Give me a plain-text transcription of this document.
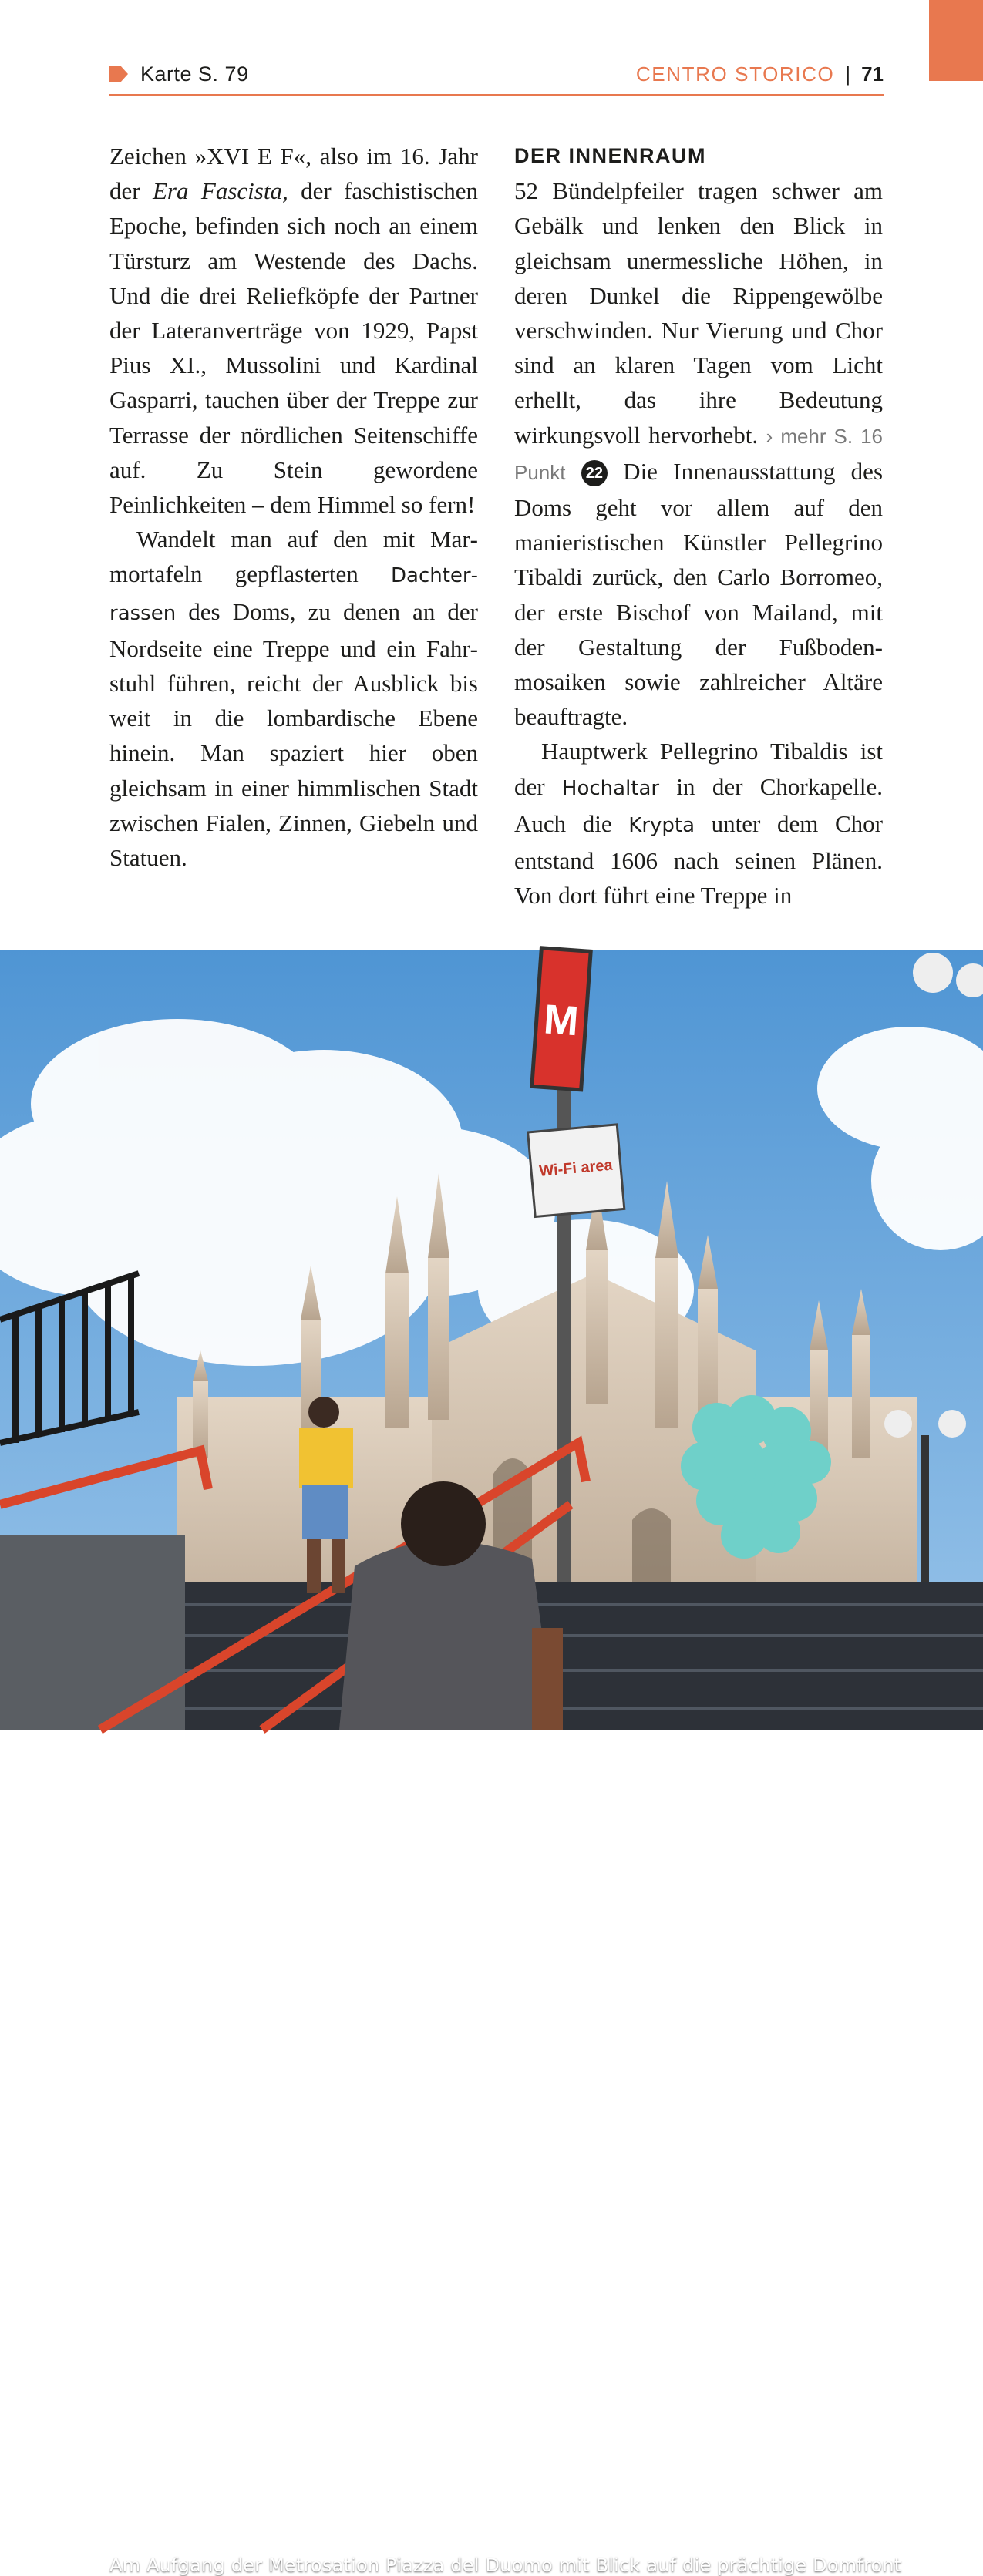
Karte S. 79	CENTRO STORICO | 71

Zeichen »XVI E F«, also im 16. Jahr der Era Fascista, der faschistischen Epoche, befinden sich noch an einem Türsturz am Westende des Dachs. Und die drei Reliefköpfe der Partner der Lateranverträge von 1929, Papst Pius XI., Mussolini und Kardinal Gasparri, tauchen über der Treppe zur Terrasse der nördlichen Seitenschiffe auf. Zu Stein gewordene Peinlichkeiten – dem Himmel so fern!

Wandelt man auf den mit Marmortafeln gepflasterten Dachterrassen des Doms, zu denen an der Nordseite eine Treppe und ein Fahrstuhl führen, reicht der Ausblick bis weit in die lombardische Ebene hinein. Man spaziert hier oben gleichsam in einer himmlischen Stadt zwischen Fialen, Zinnen, Giebeln und Statuen.

DER INNENRAUM

52 Bündelpfeiler tragen schwer am Gebälk und lenken den Blick in gleichsam unermessliche Höhen, in deren Dunkel die Rippengewölbe verschwinden. Nur Vierung und Chor sind an klaren Tagen vom Licht erhellt, das ihre Bedeutung wirkungsvoll hervorhebt. › mehr S. 16 Punkt 22 Die Innenausstattung des Doms geht vor allem auf den manieristischen Künstler Pellegrino Tibaldi zurück, den Carlo Borromeo, der erste Bischof von Mailand, mit der Gestaltung der Fußbodenmosaiken sowie zahlreicher Altäre beauftragte.

Hauptwerk Pellegrino Tibaldis ist der Hochaltar in der Chorkapelle. Auch die Krypta unter dem Chor entstand 1606 nach seinen Plänen. Von dort führt eine Treppe in

M
Wi-Fi area
Am Aufgang der Metrosation Piazza del Duomo mit Blick auf die prächtige Domfront
